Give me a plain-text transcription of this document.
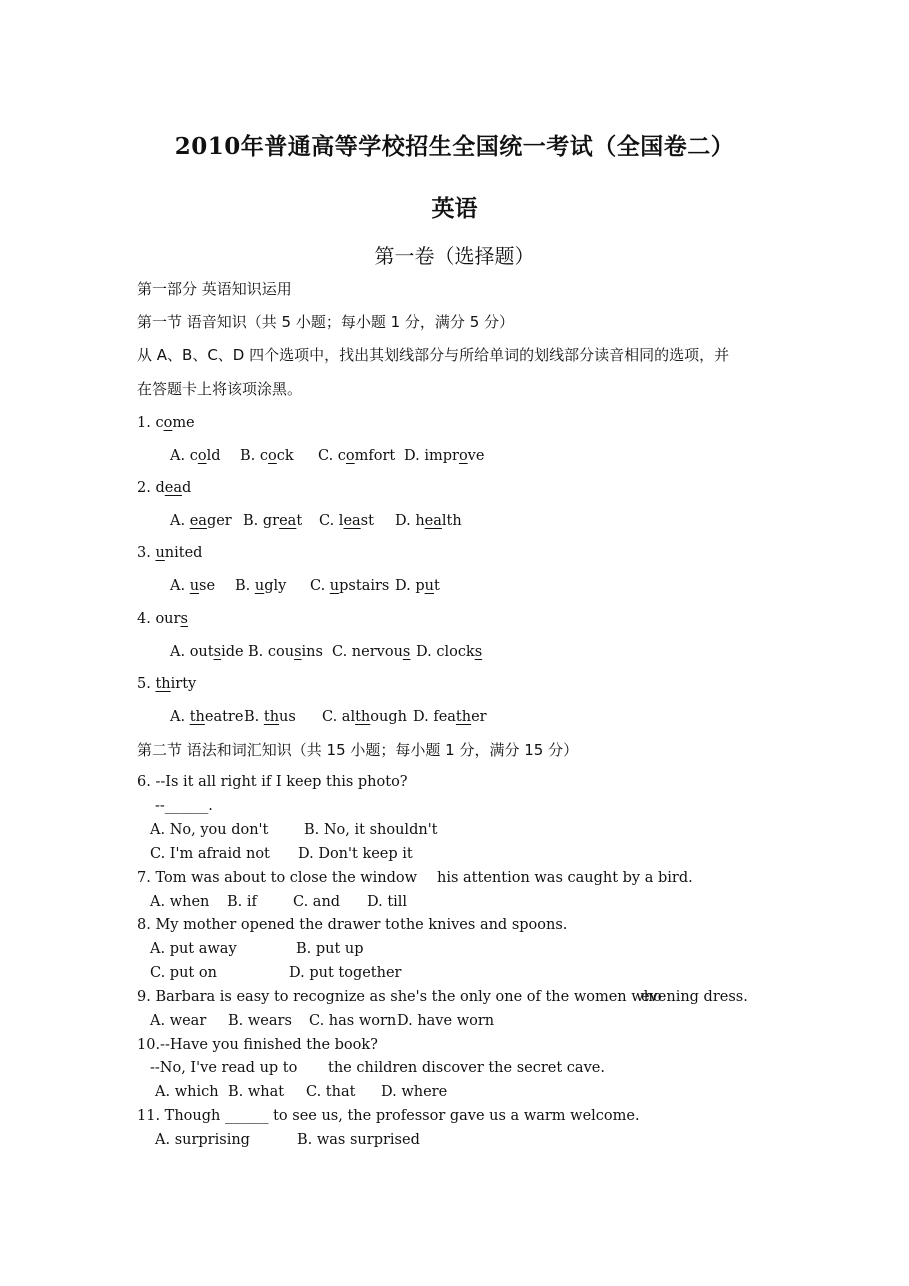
2010年普通高等学校招生全国统一考试（全国卷二）
英语
第一卷（选择题）
第一部分 英语知识运用
第一节 语音知识（共 5 小题；每小题 1 分，满分 5 分）
从 A、B、C、D 四个选项中，找出其划线部分与所给单词的划线部分读音相同的选项，并
在答题卡上将该项涂黑。
1. come
A. cold B. cock C. comfort D. improve
2. dead
A. eager B. great C. least D. health
3. united
A. use B. ugly C. upstairs D. put
4. ours
A. outside B. cousins C. nervous D. clocks
5. thirty
A. theatre B. thus C. although D. feather
第二节 语法和词汇知识（共 15 小题；每小题 1 分，满分 15 分）
6. --Is it all right if I keep this photo?
--______.
A. No, you don't B. No, it shouldn't
C. I'm afraid not D. Don't keep it
7. Tom was about to close the window his attention was caught by a bird.
A. when B. if C. and D. till
8. My mother opened the drawer to the knives and spoons.
A. put away	B. put up
C. put on	D. put together
9. Barbara is easy to recognize as she's the only one of the women who
evening dress.
A. wear B. wears C. has worn D. have worn
10.--Have you finished the book?
--No, I've read up to the children discover the secret cave.
A. which B. what C. that D. where
11. Though ______ to see us, the professor gave us a warm welcome.
A. surprising	B. was surprised
